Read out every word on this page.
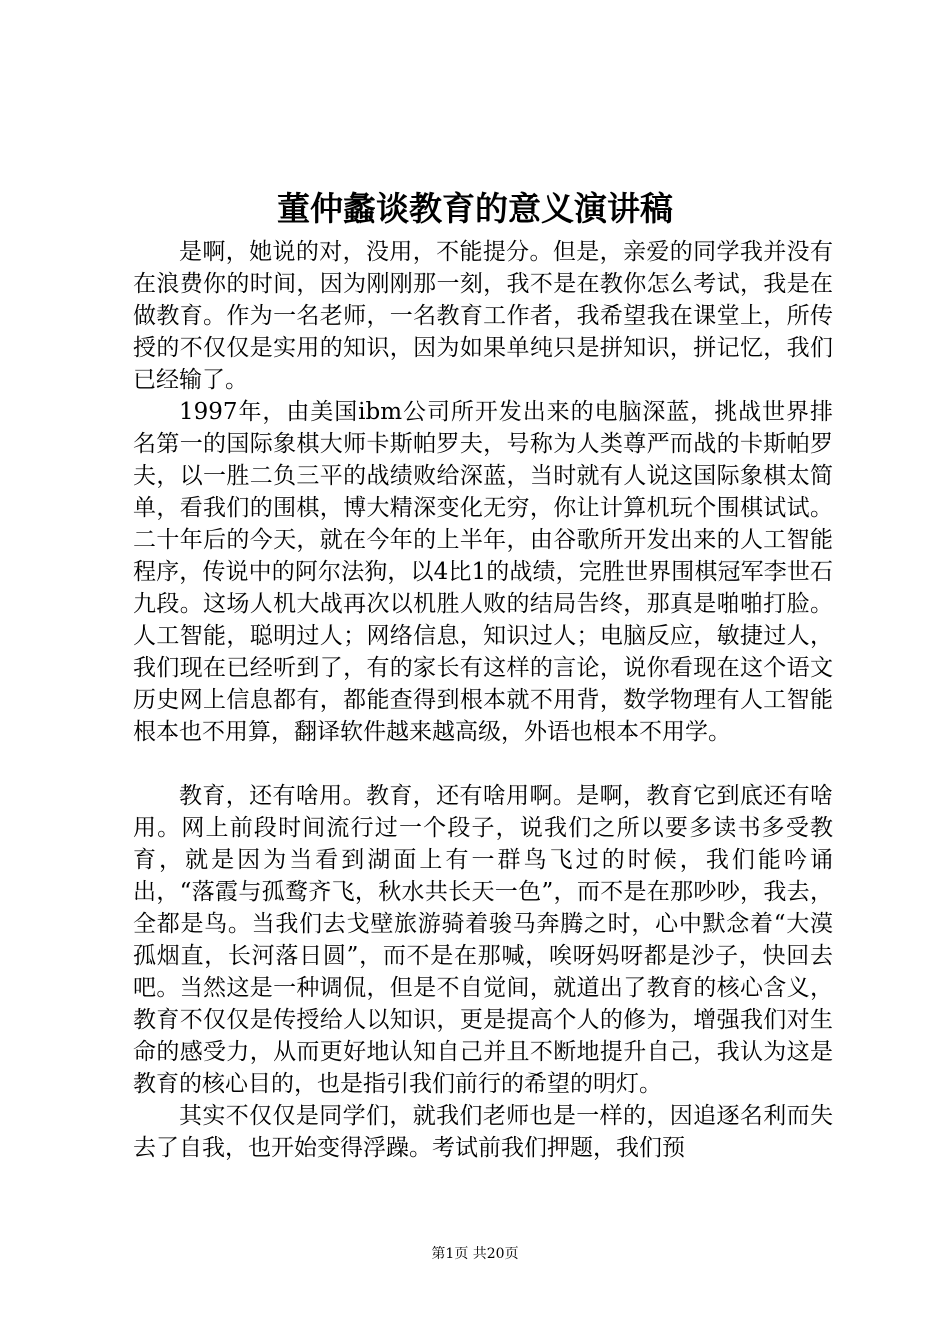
董仲蠡谈教育的意义演讲稿

是啊，她说的对，没用，不能提分。但是，亲爱的同学我并没有在浪费你的时间，因为刚刚那一刻，我不是在教你怎么考试，我是在做教育。作为一名老师，一名教育工作者，我希望我在课堂上，所传授的不仅仅是实用的知识，因为如果单纯只是拼知识，拼记忆，我们已经输了。

1997年，由美国ibm公司所开发出来的电脑深蓝，挑战世界排名第一的国际象棋大师卡斯帕罗夫，号称为人类尊严而战的卡斯帕罗夫，以一胜二负三平的战绩败给深蓝，当时就有人说这国际象棋太简单，看我们的围棋，博大精深变化无穷，你让计算机玩个围棋试试。二十年后的今天，就在今年的上半年，由谷歌所开发出来的人工智能程序，传说中的阿尔法狗，以4比1的战绩，完胜世界围棋冠军李世石九段。这场人机大战再次以机胜人败的结局告终，那真是啪啪打脸。人工智能，聪明过人；网络信息，知识过人；电脑反应，敏捷过人，我们现在已经听到了，有的家长有这样的言论，说你看现在这个语文历史网上信息都有，都能查得到根本就不用背，数学物理有人工智能根本也不用算，翻译软件越来越高级，外语也根本不用学。

教育，还有啥用。教育，还有啥用啊。是啊，教育它到底还有啥用。网上前段时间流行过一个段子，说我们之所以要多读书多受教育，就是因为当看到湖面上有一群鸟飞过的时候，我们能吟诵出，“落霞与孤鹜齐飞，秋水共长天一色”，而不是在那吵吵，我去，全都是鸟。当我们去戈壁旅游骑着骏马奔腾之时，心中默念着“大漠孤烟直，长河落日圆”，而不是在那喊，唉呀妈呀都是沙子，快回去吧。当然这是一种调侃，但是不自觉间，就道出了教育的核心含义，教育不仅仅是传授给人以知识，更是提高个人的修为，增强我们对生命的感受力，从而更好地认知自己并且不断地提升自己，我认为这是教育的核心目的，也是指引我们前行的希望的明灯。

其实不仅仅是同学们，就我们老师也是一样的，因追逐名利而失去了自我，也开始变得浮躁。考试前我们押题，我们预

第1页 共20页
